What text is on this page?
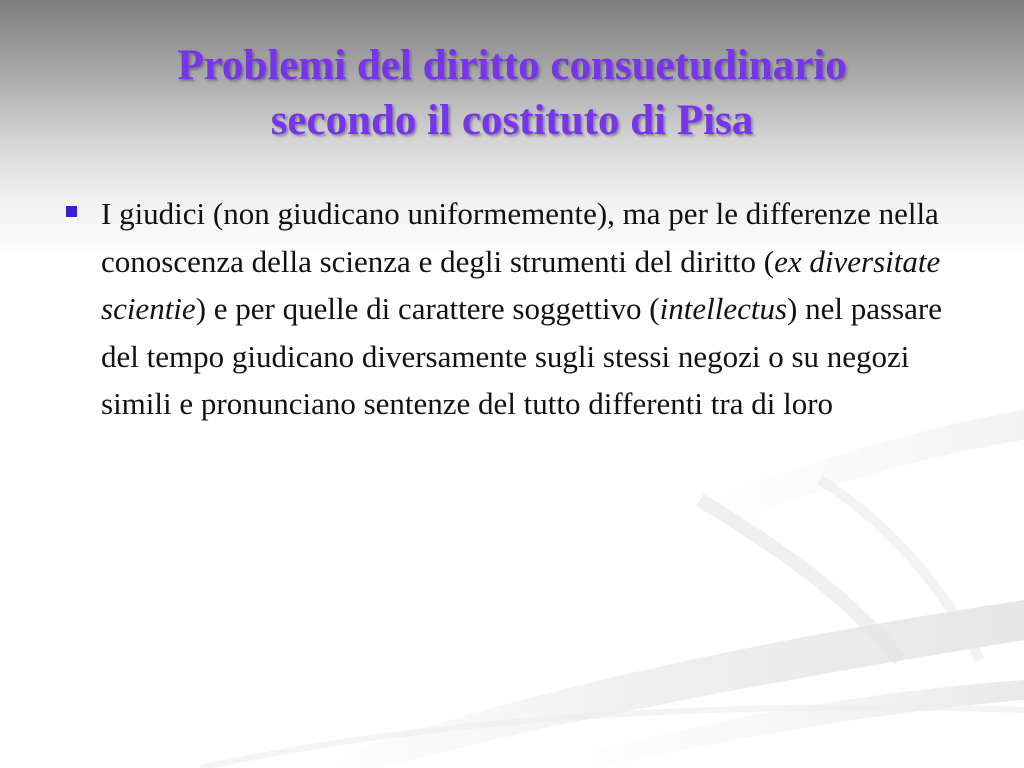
Problemi del diritto consuetudinario
secondo il costituto di Pisa

I giudici (non giudicano uniformemente), ma per le differenze nella conoscenza della scienza e degli strumenti del diritto (ex diversitate scientie) e per quelle di carattere soggettivo (intellectus) nel passare del tempo giudicano diversamente sugli stessi negozi o su negozi simili e pronunciano sentenze del tutto differenti tra di loro
